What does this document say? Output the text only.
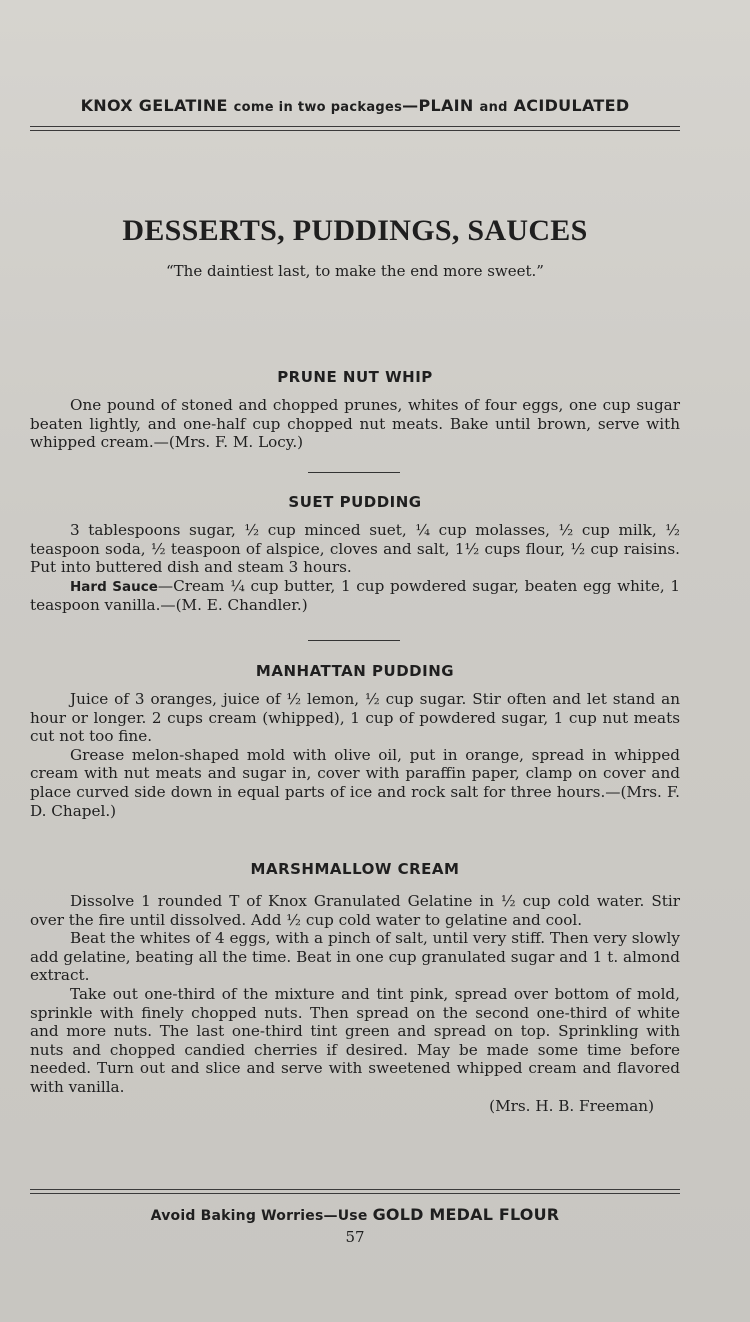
KNOX GELATINE come in two packages—PLAIN and ACIDULATED
DESSERTS, PUDDINGS, SAUCES
“The daintiest last, to make the end more sweet.”
PRUNE NUT WHIP

One pound of stoned and chopped prunes, whites of four eggs, one cup sugar beaten lightly, and one-half cup chopped nut meats. Bake until brown, serve with whipped cream.—(Mrs. F. M. Locy.)

SUET PUDDING

3 tablespoons sugar, ½ cup minced suet, ¼ cup molasses, ½ cup milk, ½ teaspoon soda, ½ teaspoon of alspice, cloves and salt, 1½ cups flour, ½ cup raisins. Put into buttered dish and steam 3 hours.

Hard Sauce—Cream ¼ cup butter, 1 cup powdered sugar, beaten egg white, 1 teaspoon vanilla.—(M. E. Chandler.)

MANHATTAN PUDDING

Juice of 3 oranges, juice of ½ lemon, ½ cup sugar. Stir often and let stand an hour or longer. 2 cups cream (whipped), 1 cup of powdered sugar, 1 cup nut meats cut not too fine.

Grease melon-shaped mold with olive oil, put in orange, spread in whipped cream with nut meats and sugar in, cover with paraffin paper, clamp on cover and place curved side down in equal parts of ice and rock salt for three hours.—(Mrs. F. D. Chapel.)

MARSHMALLOW CREAM

Dissolve 1 rounded T of Knox Granulated Gelatine in ½ cup cold water. Stir over the fire until dissolved. Add ½ cup cold water to gelatine and cool.

Beat the whites of 4 eggs, with a pinch of salt, until very stiff. Then very slowly add gelatine, beating all the time. Beat in one cup granulated sugar and 1 t. almond extract.

Take out one-third of the mixture and tint pink, spread over bottom of mold, sprinkle with finely chopped nuts. Then spread on the second one-third of white and more nuts. The last one-third tint green and spread on top. Sprinkling with nuts and chopped candied cherries if desired. May be made some time before needed. Turn out and slice and serve with sweetened whipped cream and flavored with vanilla.

(Mrs. H. B. Freeman)

Avoid Baking Worries—Use GOLD MEDAL FLOUR
57
